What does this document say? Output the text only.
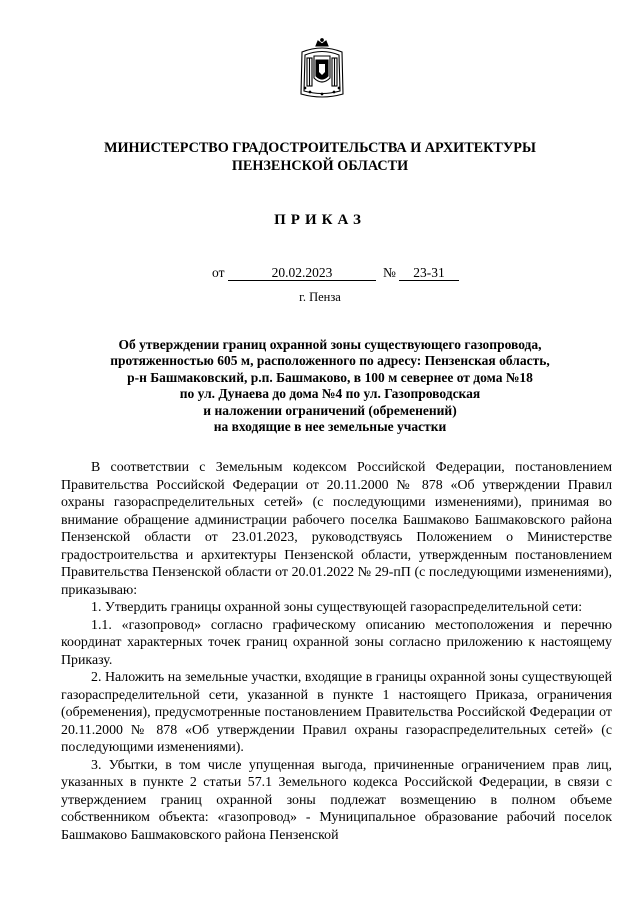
МИНИСТЕРСТВО ГРАДОСТРОИТЕЛЬСТВА И АРХИТЕКТУРЫ
ПЕНЗЕНСКОЙ ОБЛАСТИ
ПРИКАЗ
от	20.02.2023	№	23-31
г. Пенза
Об утверждении границ охранной зоны существующего газопровода,
протяженностью 605 м, расположенного по адресу: Пензенская область,
р-н Башмаковский, р.п. Башмаково, в 100 м севернее от дома №18
по ул. Дунаева до дома №4 по ул. Газопроводская
и наложении ограничений (обременений)
на входящие в нее земельные участки

В соответствии с Земельным кодексом Российской Федерации, постановлением Правительства Российской Федерации от 20.11.2000 № 878 «Об утверждении Правил охраны газораспределительных сетей» (с последующими изменениями), принимая во внимание обращение администрации рабочего поселка Башмаково Башмаковского района Пензенской области от 23.01.2023, руководствуясь Положением о Министерстве градостроительства и архитектуры Пензенской области, утвержденным постановлением Правительства Пензенской области от 20.01.2022 № 29-пП (с последующими изменениями), приказываю:

1. Утвердить границы охранной зоны существующей газораспределительной сети:

1.1. «газопровод» согласно графическому описанию местоположения и перечню координат характерных точек границ охранной зоны согласно приложению к настоящему Приказу.

2. Наложить на земельные участки, входящие в границы охранной зоны существующей газораспределительной сети, указанной в пункте 1 настоящего Приказа, ограничения (обременения), предусмотренные постановлением Правительства Российской Федерации от 20.11.2000 № 878 «Об утверждении Правил охраны газораспределительных сетей» (с последующими изменениями).

3. Убытки, в том числе упущенная выгода, причиненные ограничением прав лиц, указанных в пункте 2 статьи 57.1 Земельного кодекса Российской Федерации, в связи с утверждением границ охранной зоны подлежат возмещению в полном объеме собственником объекта: «газопровод» - Муниципальное образование рабочий поселок Башмаково Башмаковского района Пензенской
